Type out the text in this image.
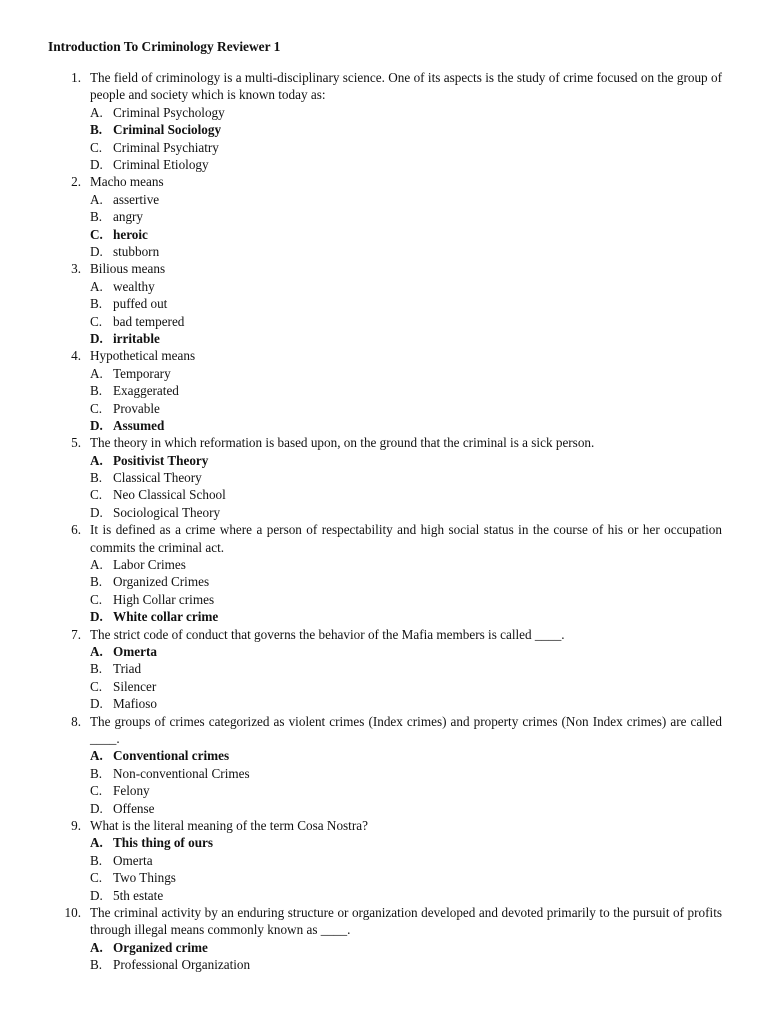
Introduction To Criminology Reviewer 1
1. The field of criminology is a multi-disciplinary science. One of its aspects is the study of crime focused on the group of people and society which is known today as:
A. Criminal Psychology
B. Criminal Sociology
C. Criminal Psychiatry
D. Criminal Etiology
2. Macho means
A. assertive
B. angry
C. heroic
D. stubborn
3. Bilious means
A. wealthy
B. puffed out
C. bad tempered
D. irritable
4. Hypothetical means
A. Temporary
B. Exaggerated
C. Provable
D. Assumed
5. The theory in which reformation is based upon, on the ground that the criminal is a sick person.
A. Positivist Theory
B. Classical Theory
C. Neo Classical School
D. Sociological Theory
6. It is defined as a crime where a person of respectability and high social status in the course of his or her occupation commits the criminal act.
A. Labor Crimes
B. Organized Crimes
C. High Collar crimes
D. White collar crime
7. The strict code of conduct that governs the behavior of the Mafia members is called ____.
A. Omerta
B. Triad
C. Silencer
D. Mafioso
8. The groups of crimes categorized as violent crimes (Index crimes) and property crimes (Non Index crimes) are called ____.
A. Conventional crimes
B. Non-conventional Crimes
C. Felony
D. Offense
9. What is the literal meaning of the term Cosa Nostra?
A. This thing of ours
B. Omerta
C. Two Things
D. 5th estate
10. The criminal activity by an enduring structure or organization developed and devoted primarily to the pursuit of profits through illegal means commonly known as ____.
A. Organized crime
B. Professional Organization
